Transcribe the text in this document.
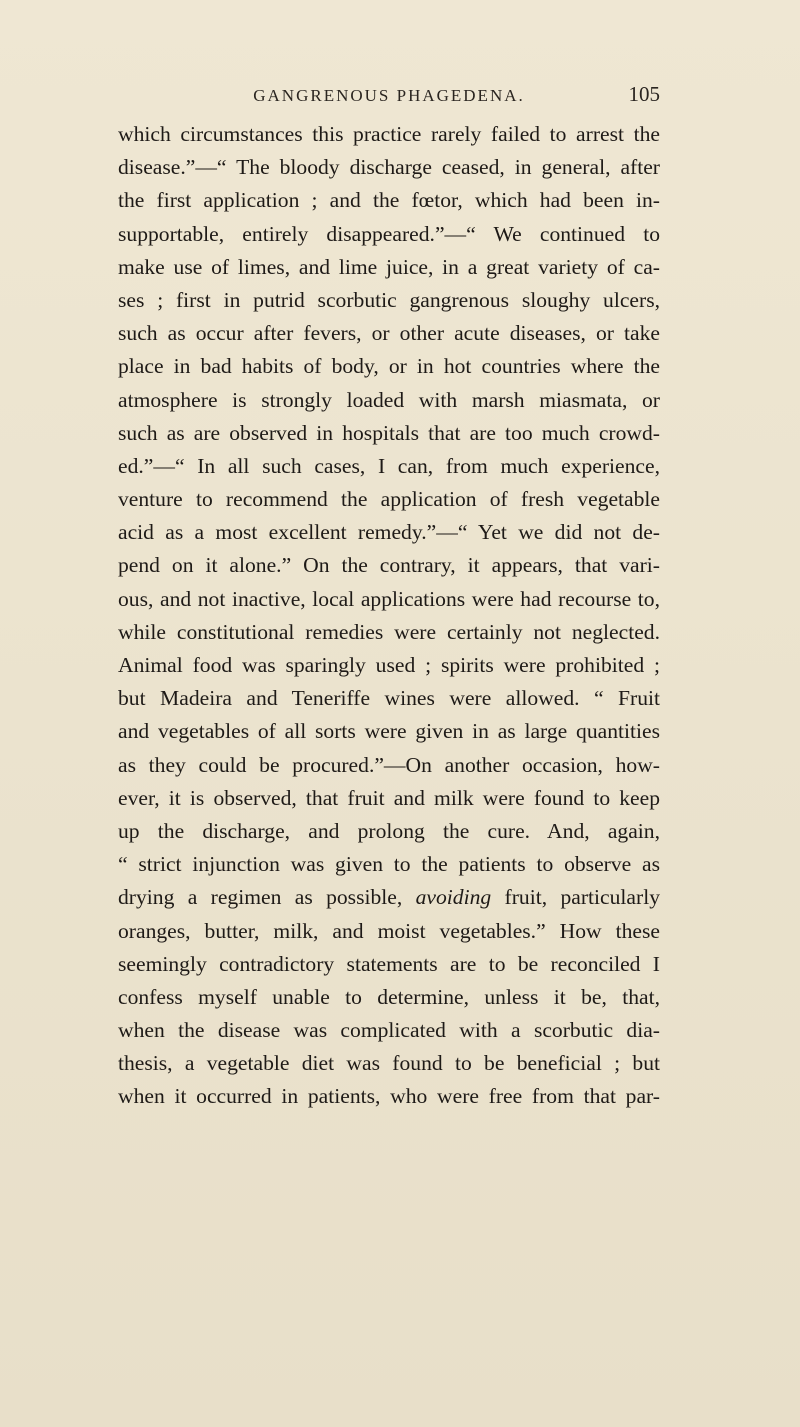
GANGRENOUS PHAGEDENA.	105
which circumstances this practice rarely failed to arrest the
disease.”—“ The bloody discharge ceased, in general, after
the first application ; and the fœtor, which had been in-
supportable, entirely disappeared.”—“ We continued to
make use of limes, and lime juice, in a great variety of ca-
ses ; first in putrid scorbutic gangrenous sloughy ulcers,
such as occur after fevers, or other acute diseases, or take
place in bad habits of body, or in hot countries where the
atmosphere is strongly loaded with marsh miasmata, or
such as are observed in hospitals that are too much crowd-
ed.”—“ In all such cases, I can, from much experience,
venture to recommend the application of fresh vegetable
acid as a most excellent remedy.”—“ Yet we did not de-
pend on it alone.” On the contrary, it appears, that vari-
ous, and not inactive, local applications were had recourse to,
while constitutional remedies were certainly not neglected.
Animal food was sparingly used ; spirits were prohibited ;
but Madeira and Teneriffe wines were allowed. “ Fruit
and vegetables of all sorts were given in as large quantities
as they could be procured.”—On another occasion, how-
ever, it is observed, that fruit and milk were found to keep
up the discharge, and prolong the cure. And, again,
“ strict injunction was given to the patients to observe as
drying a regimen as possible, avoiding fruit, particularly
oranges, butter, milk, and moist vegetables.” How these
seemingly contradictory statements are to be reconciled I
confess myself unable to determine, unless it be, that,
when the disease was complicated with a scorbutic dia-
thesis, a vegetable diet was found to be beneficial ; but
when it occurred in patients, who were free from that par-
